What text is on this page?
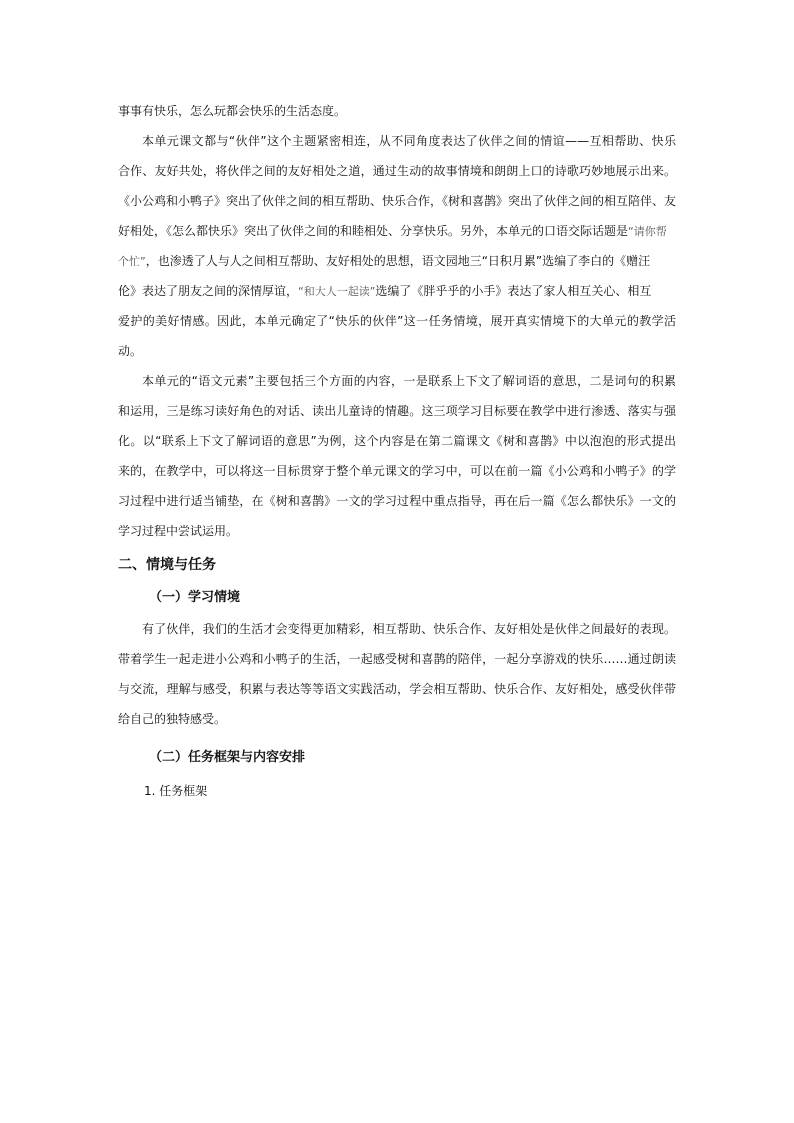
事事有快乐，怎么玩都会快乐的生活态度。
本单元课文都与“伙伴”这个主题紧密相连，从不同角度表达了伙伴之间的情谊——互相帮助、快乐
合作、友好共处，将伙伴之间的友好相处之道，通过生动的故事情境和朗朗上口的诗歌巧妙地展示出来。
《小公鸡和小鸭子》突出了伙伴之间的相互帮助、快乐合作，《树和喜鹊》突出了伙伴之间的相互陪伴、友
好相处，《怎么都快乐》突出了伙伴之间的和睦相处、分享快乐。另外，本单元的口语交际话题是“请你帮
个忙”，也渗透了人与人之间相互帮助、友好相处的思想，语文园地三“日积月累”选编了李白的《赠汪
伦》表达了朋友之间的深情厚谊，“和大人一起读”选编了《胖乎乎的小手》表达了家人相互关心、相互
爱护的美好情感。因此，本单元确定了“快乐的伙伴”这一任务情境，展开真实情境下的大单元的教学活
动。
本单元的“语文元素”主要包括三个方面的内容，一是联系上下文了解词语的意思，二是词句的积累
和运用，三是练习读好角色的对话、读出儿童诗的情趣。这三项学习目标要在教学中进行渗透、落实与强
化。以“联系上下文了解词语的意思”为例，这个内容是在第二篇课文《树和喜鹊》中以泡泡的形式提出
来的，在教学中，可以将这一目标贯穿于整个单元课文的学习中，可以在前一篇《小公鸡和小鸭子》的学
习过程中进行适当铺垫，在《树和喜鹊》一文的学习过程中重点指导，再在后一篇《怎么都快乐》一文的
学习过程中尝试运用。
二、情境与任务
（一）学习情境
有了伙伴，我们的生活才会变得更加精彩，相互帮助、快乐合作、友好相处是伙伴之间最好的表现。
带着学生一起走进小公鸡和小鸭子的生活，一起感受树和喜鹊的陪伴，一起分享游戏的快乐……通过朗读
与交流，理解与感受，积累与表达等等语文实践活动，学会相互帮助、快乐合作、友好相处，感受伙伴带
给自己的独特感受。
（二）任务框架与内容安排
1. 任务框架
